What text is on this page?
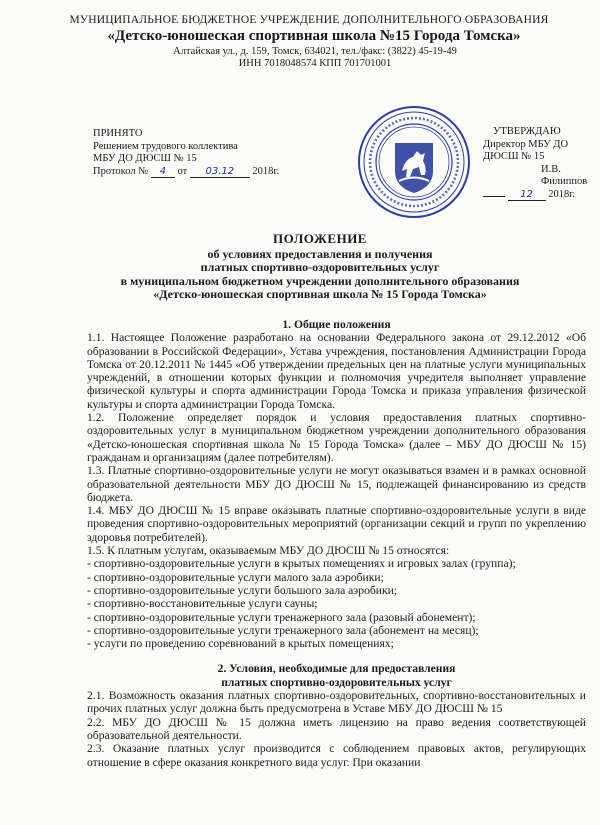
МУНИЦИПАЛЬНОЕ БЮДЖЕТНОЕ УЧРЕЖДЕНИЕ ДОПОЛНИТЕЛЬНОГО ОБРАЗОВАНИЯ
«Детско-юношеская спортивная школа №15 Города Томска»
Алтайская ул., д. 159, Томск, 634021, тел./факс: (3822) 45-19-49
ИНН 7018048574 КПП 701701001
ПРИНЯТО
Решением трудового коллектива
МБУ ДО ДЮСШ № 15
Протокол № 4 от 03.12 2018г.
УТВЕРЖДАЮ
Директор МБУ ДО
ДЮСШ № 15
И.В. Филиппов
12 2018г.
ПОЛОЖЕНИЕ
об условиях предоставления и получения
платных спортивно-оздоровительных услуг
в муниципальном бюджетном учреждении дополнительного образования
«Детско-юношеская спортивная школа № 15 Города Томска»
1. Общие положения
1.1. Настоящее Положение разработано на основании Федерального закона от 29.12.2012 «Об образовании в Российской Федерации», Устава учреждения, постановления Администрации Города Томска от 20.12.2011 № 1445 «Об утверждении предельных цен на платные услуги муниципальных учреждений, в отношении которых функции и полномочия учредителя выполняет управление физической культуры и спорта администрации Города Томска и приказа управления физической культуры и спорта администрации Города Томска.
1.2. Положение определяет порядок и условия предоставления платных спортивно-оздоровительных услуг в муниципальном бюджетном учреждении дополнительного образования «Детско-юношеская спортивная школа № 15 Города Томска» (далее – МБУ ДО ДЮСШ № 15) гражданам и организациям (далее потребителям).
1.3. Платные спортивно-оздоровительные услуги не могут оказываться взамен и в рамках основной образовательной деятельности МБУ ДО ДЮСШ № 15, подлежащей финансированию из средств бюджета.
1.4. МБУ ДО ДЮСШ № 15 вправе оказывать платные спортивно-оздоровительные услуги в виде проведения спортивно-оздоровительных мероприятий (организации секций и групп по укреплению здоровья потребителей).
1.5. К платным услугам, оказываемым МБУ ДО ДЮСШ № 15 относятся:
- спортивно-оздоровительные услуги в крытых помещениях и игровых залах (группа);
- спортивно-оздоровительные услуги малого зала аэробики;
- спортивно-оздоровительные услуги большого зала аэробики;
- спортивно-восстановительные услуги сауны;
- спортивно-оздоровительные услуги тренажерного зала (разовый абонемент);
- спортивно-оздоровительные услуги тренажерного зала (абонемент на месяц);
- услуги по проведению соревнований в крытых помещениях;
2. Условия, необходимые для предоставления
платных спортивно-оздоровительных услуг
2.1. Возможность оказания платных спортивно-оздоровительных, спортивно-восстановительных и прочих платных услуг должна быть предусмотрена в Уставе МБУ ДО ДЮСШ № 15
2.2. МБУ ДО ДЮСШ № 15 должна иметь лицензию на право ведения соответствующей образовательной деятельности.
2.3. Оказание платных услуг производится с соблюдением правовых актов, регулирующих отношение в сфере оказания конкретного вида услуг. При оказании
